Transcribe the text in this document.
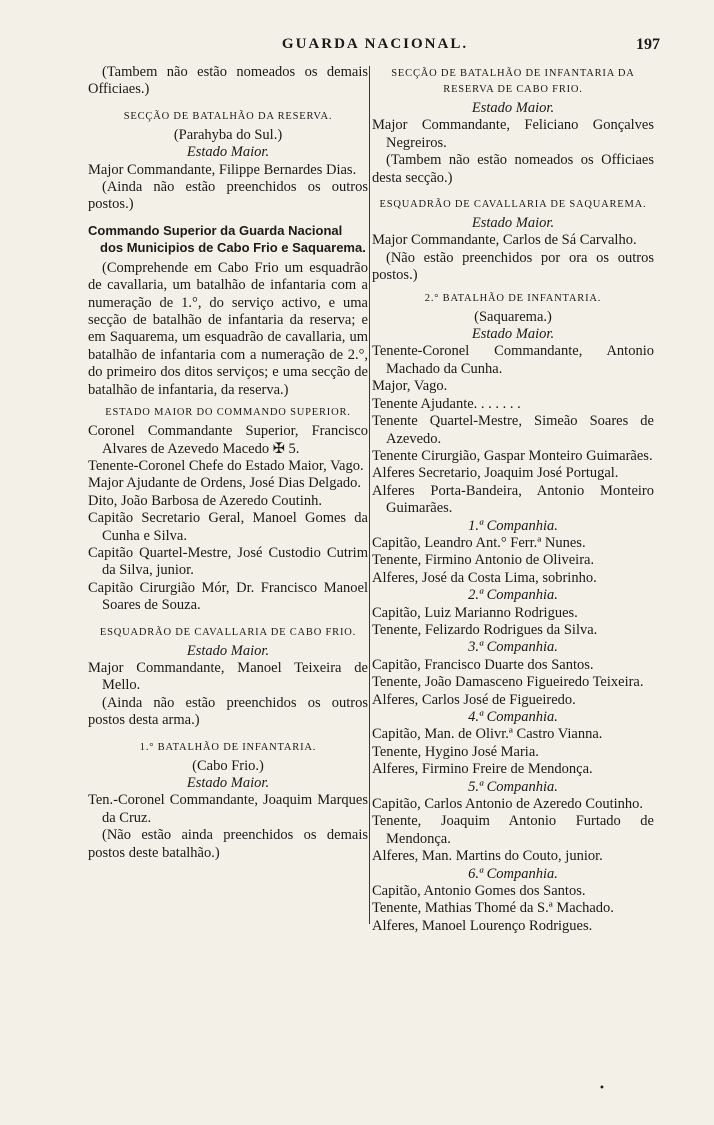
GUARDA NACIONAL.	197

(Tambem não estão nomeados os demais Officiaes.)

SECÇÃO DE BATALHÃO DA RESERVA.

(Parahyba do Sul.)

Estado Maior.

Major Commandante, Filippe Bernardes Dias.

(Ainda não estão preenchidos os outros postos.)

Commando Superior da Guarda Nacional dos Municipios de Cabo Frio e Saquarema.

(Comprehende em Cabo Frio um esquadrão de cavallaria, um batalhão de infantaria com a numeração de 1.°, do serviço activo, e uma secção de batalhão de infantaria da reserva; e em Saquarema, um esquadrão de cavallaria, um batalhão de infantaria com a numeração de 2.°, do primeiro dos ditos serviços; e uma secção de batalhão de infantaria, da reserva.)

ESTADO MAIOR DO COMMANDO SUPERIOR.

Coronel Commandante Superior, Francisco Alvares de Azevedo Macedo ✠ 5.

Tenente-Coronel Chefe do Estado Maior, Vago.

Major Ajudante de Ordens, José Dias Delgado.

Dito, João Barbosa de Azeredo Coutinh.

Capitão Secretario Geral, Manoel Gomes da Cunha e Silva.

Capitão Quartel-Mestre, José Custodio Cutrim da Silva, junior.

Capitão Cirurgião Mór, Dr. Francisco Manoel Soares de Souza.

ESQUADRÃO DE CAVALLARIA DE CABO FRIO.

Estado Maior.

Major Commandante, Manoel Teixeira de Mello.

(Ainda não estão preenchidos os outros postos desta arma.)

1.° BATALHÃO DE INFANTARIA.

(Cabo Frio.)

Estado Maior.

Ten.-Coronel Commandante, Joaquim Marques da Cruz.

(Não estão ainda preenchidos os demais postos deste batalhão.)

SECÇÃO DE BATALHÃO DE INFANTARIA DA RESERVA DE CABO FRIO.

Estado Maior.

Major Commandante, Feliciano Gonçalves Negreiros.

(Tambem não estão nomeados os Officiaes desta secção.)

ESQUADRÃO DE CAVALLARIA DE SAQUAREMA.

Estado Maior.

Major Commandante, Carlos de Sá Carvalho.

(Não estão preenchidos por ora os outros postos.)

2.° BATALHÃO DE INFANTARIA.

(Saquarema.)

Estado Maior.

Tenente-Coronel Commandante, Antonio Machado da Cunha.

Major, Vago.

Tenente Ajudante. . . . . . .

Tenente Quartel-Mestre, Simeão Soares de Azevedo.

Tenente Cirurgião, Gaspar Monteiro Guimarães.

Alferes Secretario, Joaquim José Portugal.

Alferes Porta-Bandeira, Antonio Monteiro Guimarães.

1.ª Companhia.

Capitão, Leandro Ant.° Ferr.ª Nunes.

Tenente, Firmino Antonio de Oliveira.

Alferes, José da Costa Lima, sobrinho.

2.ª Companhia.

Capitão, Luiz Marianno Rodrigues.

Tenente, Felizardo Rodrigues da Silva.

3.ª Companhia.

Capitão, Francisco Duarte dos Santos.

Tenente, João Damasceno Figueiredo Teixeira.

Alferes, Carlos José de Figueiredo.

4.ª Companhia.

Capitão, Man. de Olivr.ª Castro Vianna.

Tenente, Hygino José Maria.

Alferes, Firmino Freire de Mendonça.

5.ª Companhia.

Capitão, Carlos Antonio de Azeredo Coutinho.

Tenente, Joaquim Antonio Furtado de Mendonça.

Alferes, Man. Martins do Couto, junior.

6.ª Companhia.

Capitão, Antonio Gomes dos Santos.

Tenente, Mathias Thomé da S.ª Machado.

Alferes, Manoel Lourenço Rodrigues.

•
